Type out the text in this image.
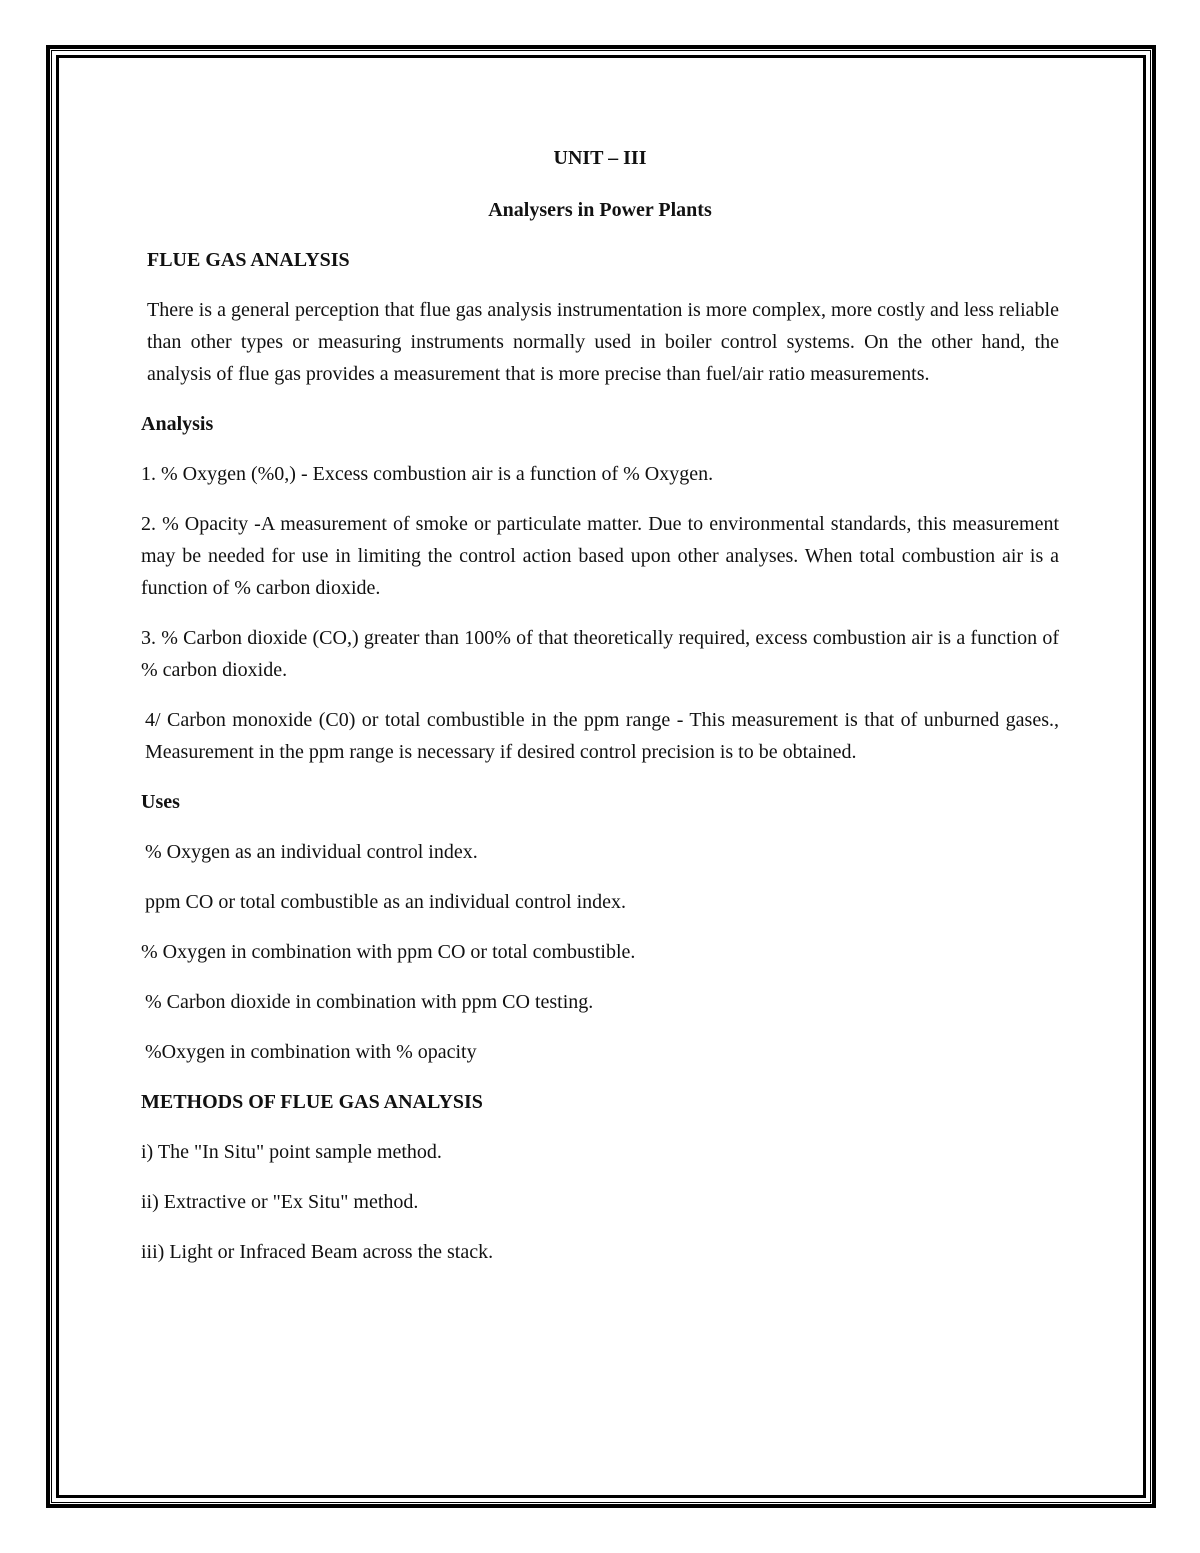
UNIT – III

Analysers in Power Plants

FLUE GAS ANALYSIS

There is a general perception that flue gas analysis instrumentation is more complex, more costly and less reliable than other types or measuring instruments normally used in boiler control systems. On the other hand, the analysis of flue gas provides a measurement that is more precise than fuel/air ratio measurements.

Analysis

1. % Oxygen (%0,) - Excess combustion air is a function of % Oxygen.

2. % Opacity -A measurement of smoke or particulate matter. Due to environmental standards, this measurement may be needed for use in limiting the control action based upon other analyses. When total combustion air is a function of % carbon dioxide.

3. % Carbon dioxide (CO,) greater than 100% of that theoretically required, excess combustion air is a function of % carbon dioxide.

4/ Carbon monoxide (C0) or total combustible in the ppm range - This measurement is that of unburned gases., Measurement in the ppm range is necessary if desired control precision is to be obtained.

Uses

% Oxygen as an individual control index.

ppm CO or total combustible as an individual control index.

% Oxygen in combination with ppm CO or total combustible.

% Carbon dioxide in combination with ppm CO testing.

%Oxygen in combination with % opacity

METHODS OF FLUE GAS ANALYSIS

i) The "In Situ" point sample method.

ii) Extractive or "Ex Situ" method.

iii) Light or Infraced Beam across the stack.
